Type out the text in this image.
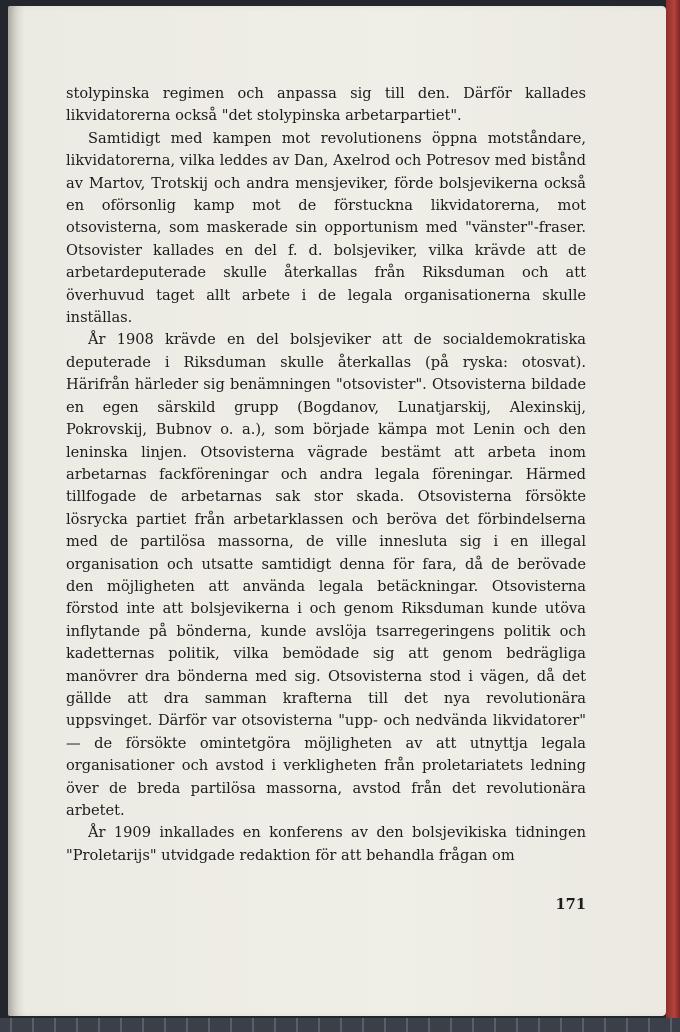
stolypinska regimen och anpassa sig till den. Därför kallades likvidatorerna också "det stolypinska arbetarpartiet".

Samtidigt med kampen mot revolutionens öppna motståndare, likvidatorerna, vilka leddes av Dan, Axelrod och Potresov med bistånd av Martov, Trotskij och andra mensjeviker, förde bolsjevikerna också en oförsonlig kamp mot de förstuckna likvidatorerna, mot otsovisterna, som maskerade sin opportunism med "vänster"-fraser. Otsovister kallades en del f. d. bolsjeviker, vilka krävde att de arbetardeputerade skulle återkallas från Riksduman och att överhuvud taget allt arbete i de legala organisationerna skulle inställas.

År 1908 krävde en del bolsjeviker att de socialdemokratiska deputerade i Riksduman skulle återkallas (på ryska: otosvat). Härifrån härleder sig benämningen "otsovister". Otsovisterna bildade en egen särskild grupp (Bogdanov, Lunatjarskij, Alexinskij, Pokrovskij, Bubnov o. a.), som började kämpa mot Lenin och den leninska linjen. Otsovisterna vägrade bestämt att arbeta inom arbetarnas fackföreningar och andra legala föreningar. Härmed tillfogade de arbetarnas sak stor skada. Otsovisterna försökte lösrycka partiet från arbetarklassen och beröva det förbindelserna med de partilösa massorna, de ville innesluta sig i en illegal organisation och utsatte samtidigt denna för fara, då de berövade den möjligheten att använda legala betäckningar. Otsovisterna förstod inte att bolsjevikerna i och genom Riksduman kunde utöva inflytande på bönderna, kunde avslöja tsarregeringens politik och kadetternas politik, vilka bemödade sig att genom bedrägliga manövrer dra bönderna med sig. Otsovisterna stod i vägen, då det gällde att dra samman krafterna till det nya revolutionära uppsvinget. Därför var otsovisterna "upp- och nedvända likvidatorer" — de försökte omintetgöra möjligheten av att utnyttja legala organisationer och avstod i verkligheten från proletariatets ledning över de breda partilösa massorna, avstod från det revolutionära arbetet.

År 1909 inkallades en konferens av den bolsjevikiska tidningen "Proletarijs" utvidgade redaktion för att behandla frågan om

171
